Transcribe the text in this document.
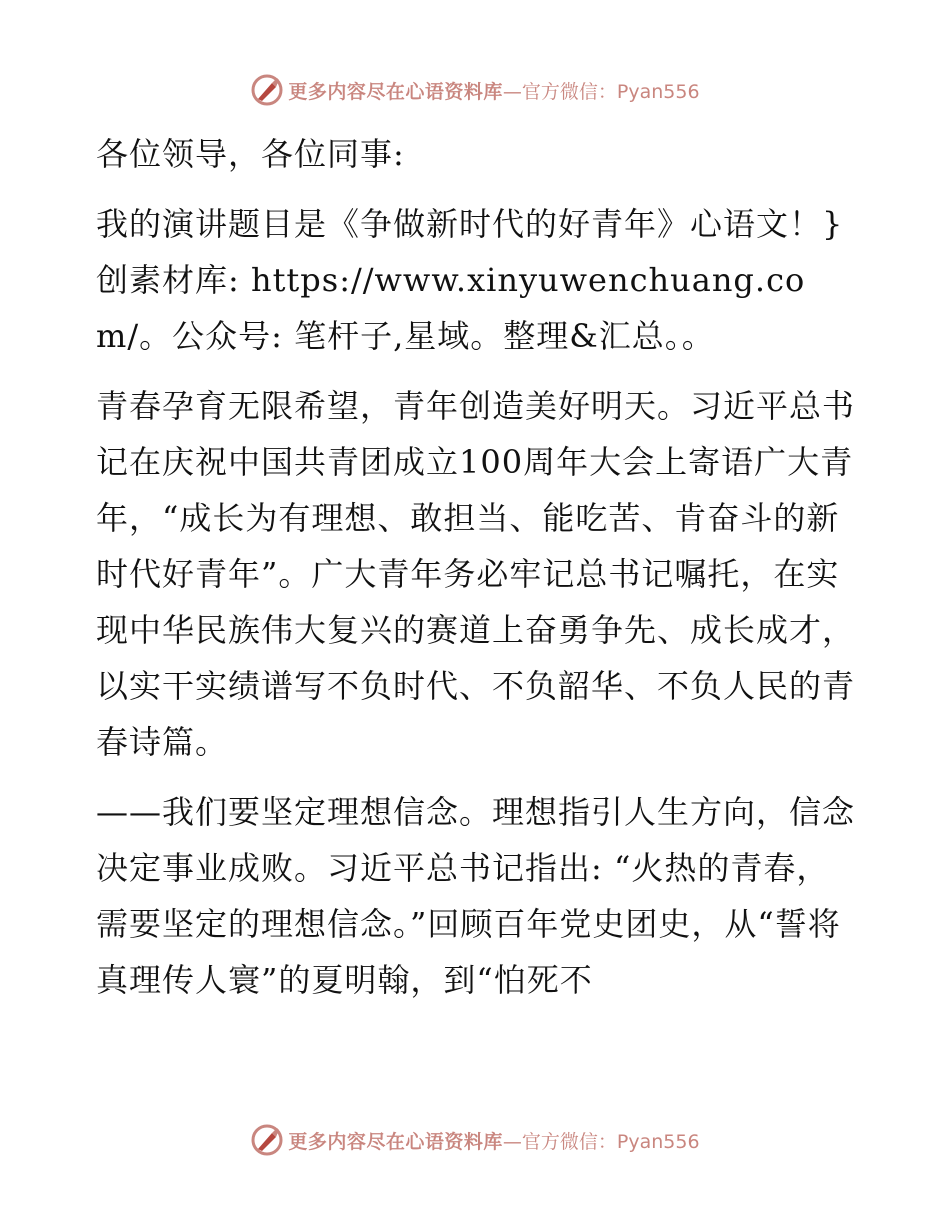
更多内容尽在心语资料库 —官方微信：Pyan556

各位领导，各位同事:

我的演讲题目是《争做新时代的好青年》心语文！}创素材库: https://www.xinyuwenchuang.com/。公众号: 笔杆子,星域。整理&汇总。。

青春孕育无限希望，青年创造美好明天。习近平总书记在庆祝中国共青团成立100周年大会上寄语广大青年，“成长为有理想、敢担当、能吃苦、肯奋斗的新时代好青年”。广大青年务必牢记总书记嘱托，在实现中华民族伟大复兴的赛道上奋勇争先、成长成才，以实干实绩谱写不负时代、不负韶华、不负人民的青春诗篇。

——我们要坚定理想信念。理想指引人生方向，信念决定事业成败。习近平总书记指出: “火热的青春，需要坚定的理想信念。”回顾百年党史团史，从“誓将真理传人寰”的夏明翰，到“怕死不

更多内容尽在心语资料库 —官方微信：Pyan556
